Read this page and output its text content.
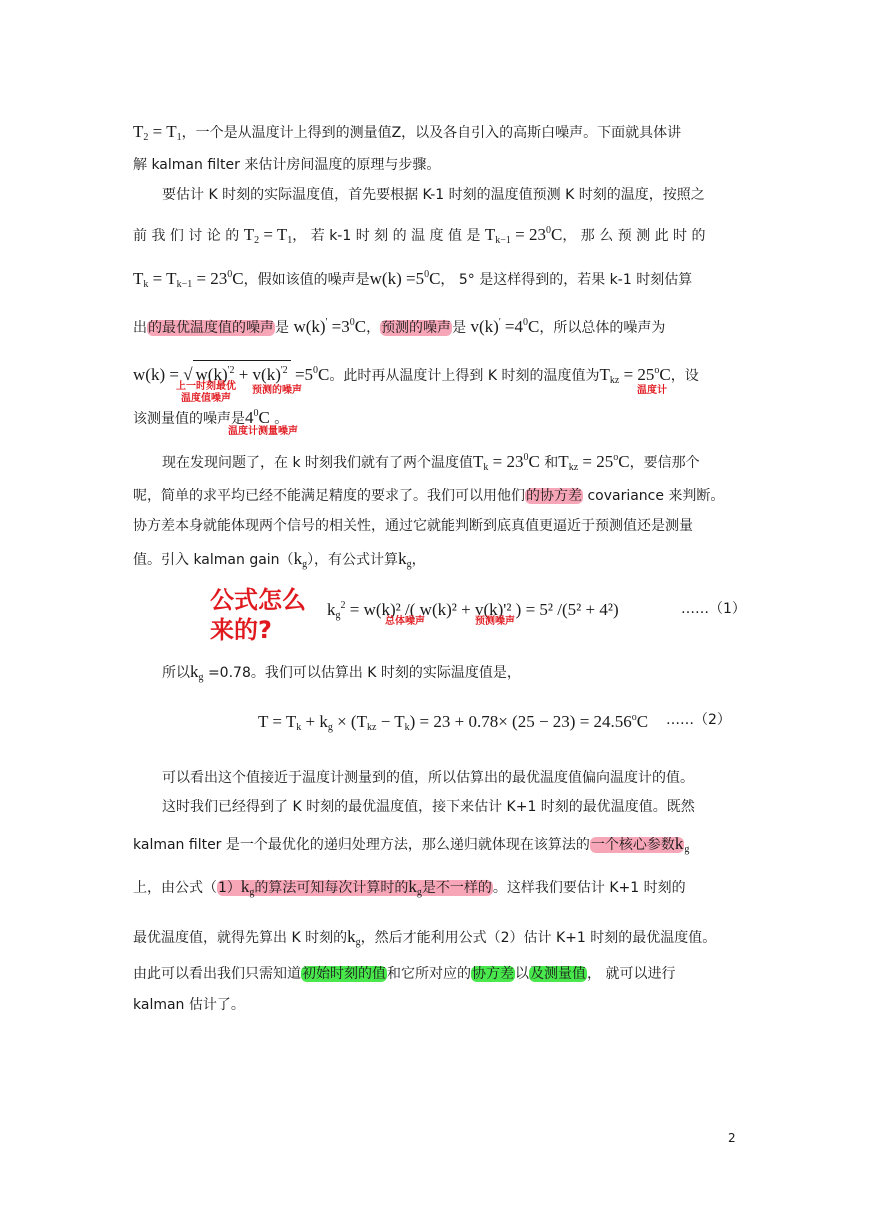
$T_2 = T_1$，一个是从温度计上得到的测量值Z，以及各自引入的高斯白噪声。下面就具体讲
解 kalman filter 来估计房间温度的原理与步骤。
要估计 K 时刻的实际温度值，首先要根据 K-1 时刻的温度值预测 K 时刻的温度，按照之
前 我 们 讨 论 的 $T_2 = T_1$， 若 k-1 时 刻 的 温 度 值 是 $T_{k-1} = 23^0C$， 那 么 预 测 此 时 的
$T_k = T_{k-1} = 23^0C$，假如该值的噪声是$w(k) =5^0C$， 5° 是这样得到的，若果 k-1 时刻估算
出的最优温度值的噪声是 $w(k)' =3^0C$，预测的噪声是 $v(k)' =4^0C$，所以总体的噪声为
w(k) = √ $w(k)^{'2} + v(k)^{'2} =5^0C$。此时再从温度计上得到 K 时刻的温度值为$T_{kz} = 25^oC$，设
上一时刻最优
温度值噪声
预测的噪声	温度计
该测量值的噪声是$4^0C$ 。
温度计测量噪声
现在发现问题了，在 k 时刻我们就有了两个温度值$T_k = 23^0C$ 和$T_{kz} = 25^oC$，要信那个
呢，简单的求平均已经不能满足精度的要求了。我们可以用他们的协方差 covariance 来判断。
协方差本身就能体现两个信号的相关性，通过它就能判断到底真值更逼近于预测值还是测量
值。引入 kalman $gain(k_g)$，有公式计算$k_g$，
公式怎么
来的?
$k_g^2 = w(k)^2$ /( w(k)² + v(k)'² ) = 5² /(5² + 4²)	……（1）
总体噪声	预测噪声
所以$k_g =0.78$。我们可以估算出 K 时刻的实际温度值是，
$T = T_k + k_g \times (T_{kz} - T_k) = 23 + 0.78\times (25 - 23) = 24.56^oC$ ……（2）
可以看出这个值接近于温度计测量到的值，所以估算出的最优温度值偏向温度计的值。
这时我们已经得到了 K 时刻的最优温度值，接下来估计 K+1 时刻的最优温度值。既然
kalman filter 是一个最优化的递归处理方法，那么递归就体现在该算法的一个核心参数$k_g$
上，由公式$(1)k_g$的算法可知每次计算时的$k_g$是不一样的。这样我们要估计 K+1 时刻的
最优温度值，就得先算出 K 时刻的$k_g$，然后才能利用公式（2）估计 K+1 时刻的最优温度值。
由此可以看出我们只需知道初始时刻的值和它所对应的协方差以及测量值， 就可以进行
kalman 估计了。
2
